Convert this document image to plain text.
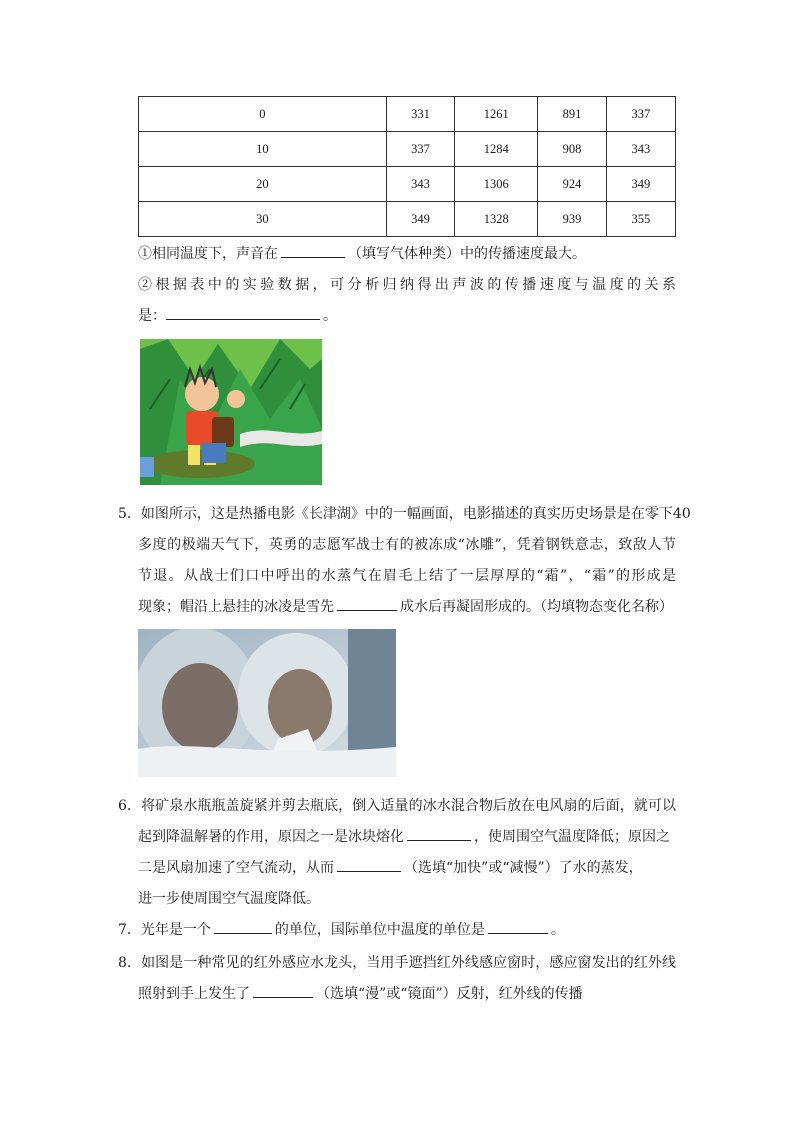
0	331	1261	891	337
10	337	1284	908	343
20	343	1306	924	349
30	349	1328	939	355
①相同温度下，声音在	（填写气体种类）中的传播速度最大。
②根据表中的实验数据，可分析归纳得出声波的传播速度与温度的关系
是：	。
5．如图所示，这是热播电影《长津湖》中的一幅画面，电影描述的真实历史场景是在零下40
多度的极端天气下，英勇的志愿军战士有的被冻成“冰雕”，凭着钢铁意志，致敌人节
节退。从战士们口中呼出的水蒸气在眉毛上结了一层厚厚的“霜”，“霜”的形成是
现象；帽沿上悬挂的冰凌是雪先	成水后再凝固形成的。（均填物态变化名称）
6．将矿泉水瓶瓶盖旋紧并剪去瓶底，倒入适量的冰水混合物后放在电风扇的后面，就可以
起到降温解暑的作用，原因之一是冰块熔化	，使周围空气温度降低；原因之
二是风扇加速了空气流动，从而	（选填“加快”或“减慢”）了水的蒸发，
进一步使周围空气温度降低。
7．光年是一个	的单位，国际单位中温度的单位是	。
8．如图是一种常见的红外感应水龙头，当用手遮挡红外线感应窗时，感应窗发出的红外线
照射到手上发生了	（选填“漫”或“镜面”）反射，红外线的传播
